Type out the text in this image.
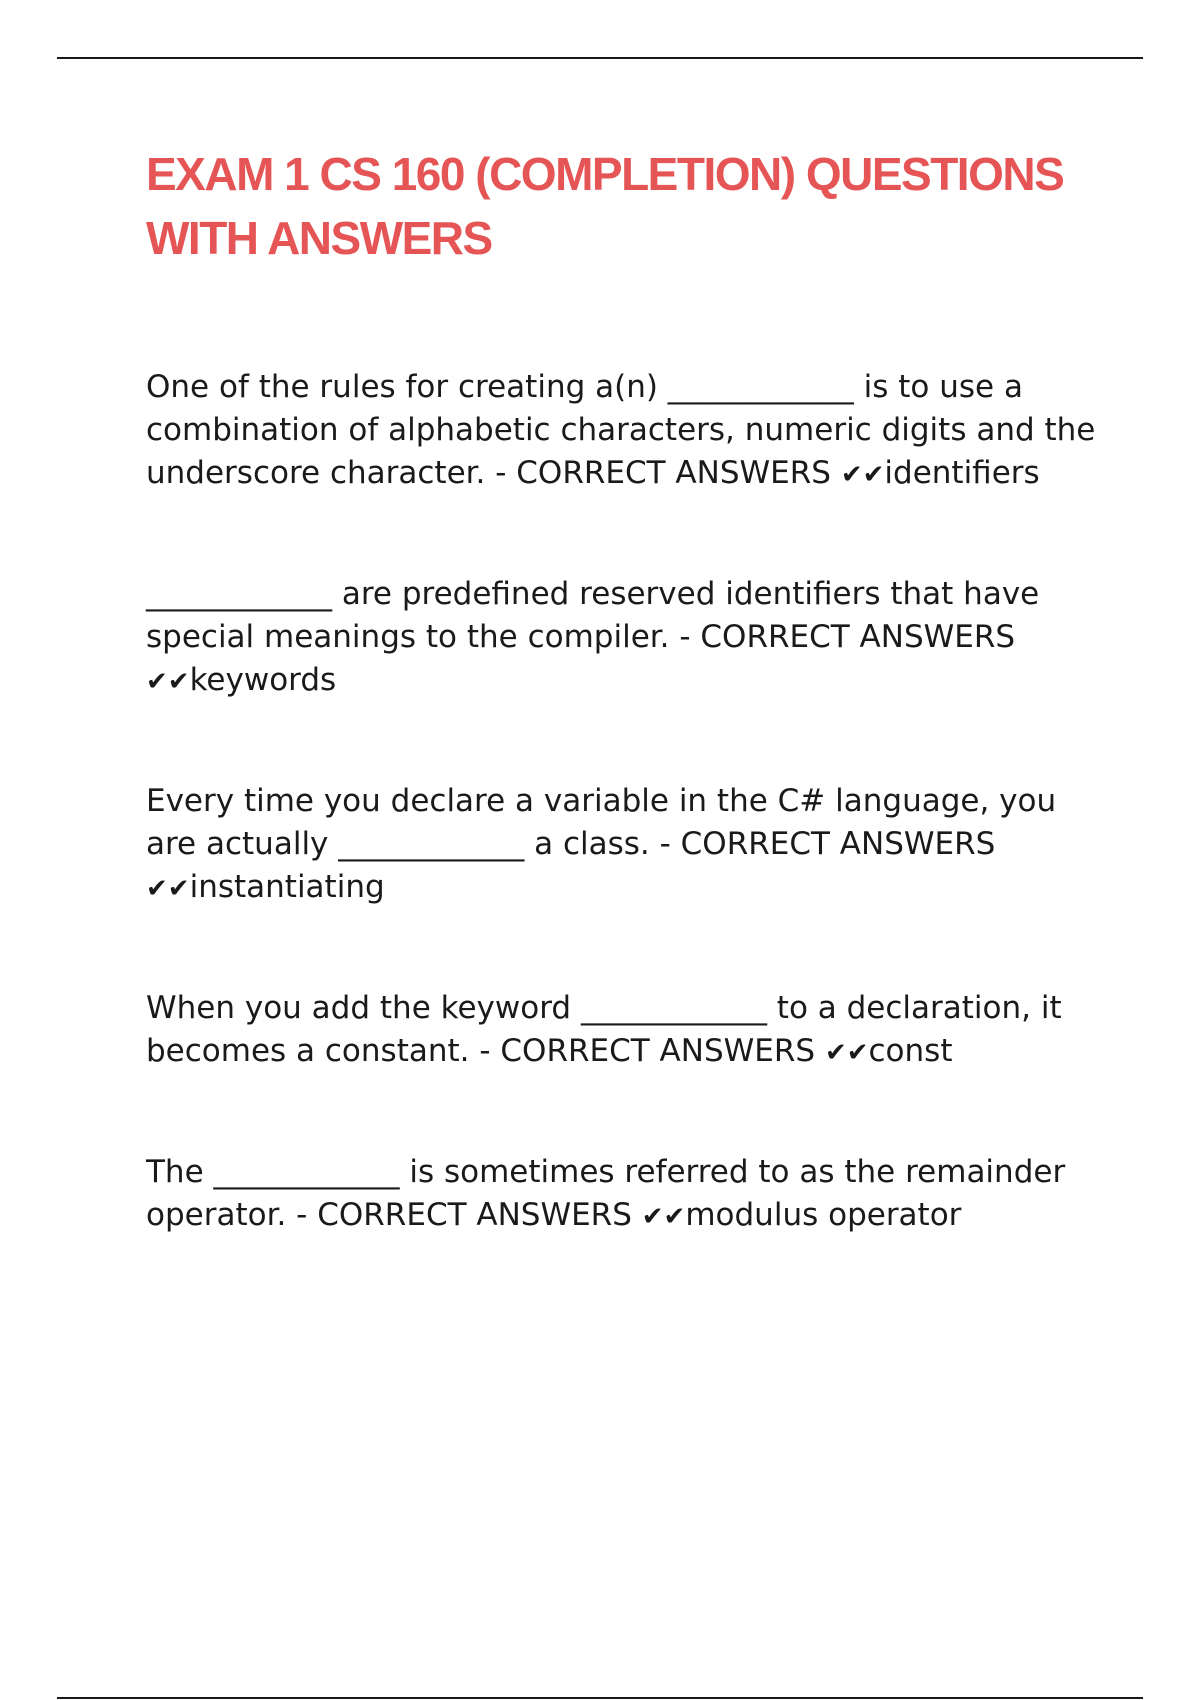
EXAM 1 CS 160 (COMPLETION) QUESTIONS WITH ANSWERS

One of the rules for creating a(n) ____________ is to use a combination of alphabetic characters, numeric digits and the underscore character. - CORRECT ANSWERS ✔✔identifiers

____________ are predefined reserved identifiers that have special meanings to the compiler. - CORRECT ANSWERS ✔✔keywords

Every time you declare a variable in the C# language, you are actually ____________ a class. - CORRECT ANSWERS ✔✔instantiating

When you add the keyword ____________ to a declaration, it becomes a constant. - CORRECT ANSWERS ✔✔const

The ____________ is sometimes referred to as the remainder operator. - CORRECT ANSWERS ✔✔modulus operator
